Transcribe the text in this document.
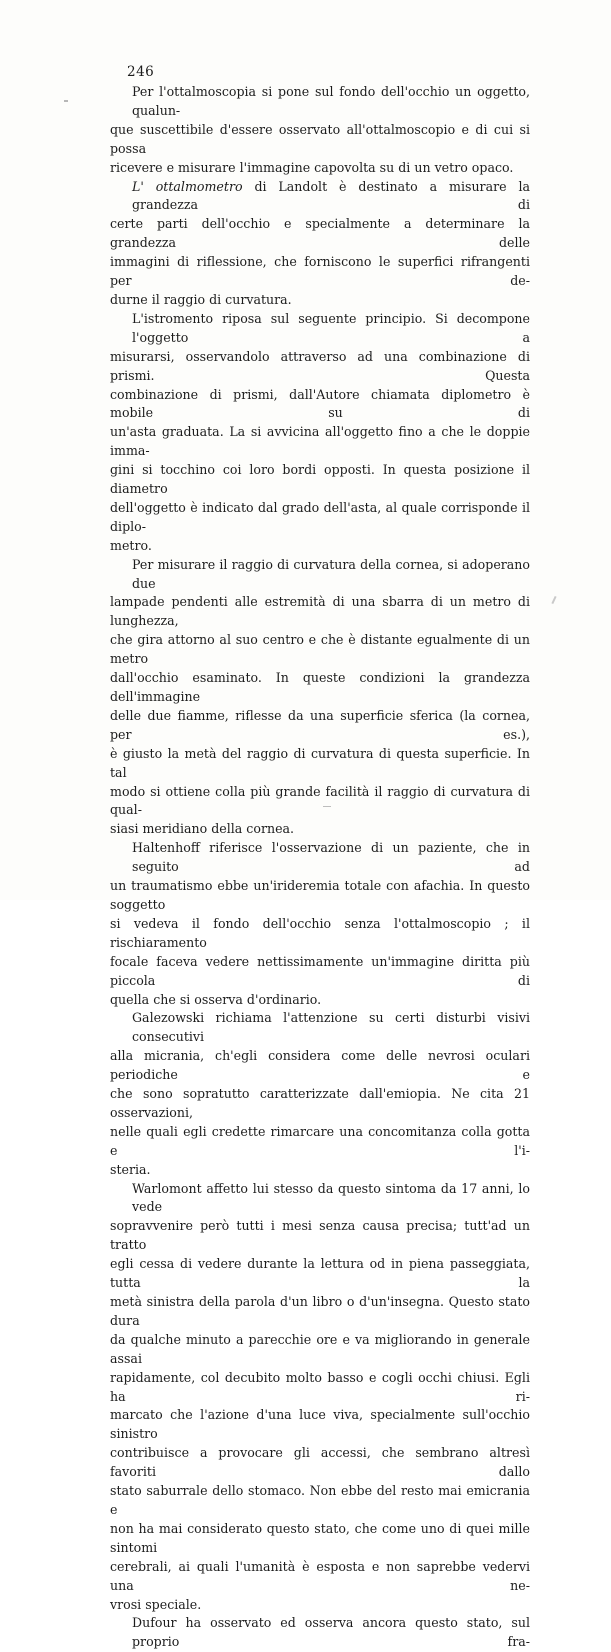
246
Per l'ottalmoscopia si pone sul fondo dell'occhio un oggetto, qualun-
que suscettibile d'essere osservato all'ottalmoscopio e di cui si possa
ricevere e misurare l'immagine capovolta su di un vetro opaco.
L' ottalmometro di Landolt è destinato a misurare la grandezza di
certe parti dell'occhio e specialmente a determinare la grandezza delle
immagini di riflessione, che forniscono le superfici rifrangenti per de-
durne il raggio di curvatura.
L'istromento riposa sul seguente principio. Si decompone l'oggetto a
misurarsi, osservandolo attraverso ad una combinazione di prismi. Questa
combinazione di prismi, dall'Autore chiamata diplometro è mobile su di
un'asta graduata. La si avvicina all'oggetto fino a che le doppie imma-
gini si tocchino coi loro bordi opposti. In questa posizione il diametro
dell'oggetto è indicato dal grado dell'asta, al quale corrisponde il diplo-
metro.
Per misurare il raggio di curvatura della cornea, si adoperano due
lampade pendenti alle estremità di una sbarra di un metro di lunghezza,
che gira attorno al suo centro e che è distante egualmente di un metro
dall'occhio esaminato. In queste condizioni la grandezza dell'immagine
delle due fiamme, riflesse da una superficie sferica (la cornea, per es.),
è giusto la metà del raggio di curvatura di questa superficie. In tal
modo si ottiene colla più grande facilità il raggio di curvatura di qual-
siasi meridiano della cornea.
Haltenhoff riferisce l'osservazione di un paziente, che in seguito ad
un traumatismo ebbe un'irideremia totale con afachia. In questo soggetto
si vedeva il fondo dell'occhio senza l'ottalmoscopio ; il rischiaramento
focale faceva vedere nettissimamente un'immagine diritta più piccola di
quella che si osserva d'ordinario.
Galezowski richiama l'attenzione su certi disturbi visivi consecutivi
alla micrania, ch'egli considera come delle nevrosi oculari periodiche e
che sono sopratutto caratterizzate dall'emiopia. Ne cita 21 osservazioni,
nelle quali egli credette rimarcare una concomitanza colla gotta e l'i-
steria.
Warlomont affetto lui stesso da questo sintoma da 17 anni, lo vede
sopravvenire però tutti i mesi senza causa precisa; tutt'ad un tratto
egli cessa di vedere durante la lettura od in piena passeggiata, tutta la
metà sinistra della parola d'un libro o d'un'insegna. Questo stato dura
da qualche minuto a parecchie ore e va migliorando in generale assai
rapidamente, col decubito molto basso e cogli occhi chiusi. Egli ha ri-
marcato che l'azione d'una luce viva, specialmente sull'occhio sinistro
contribuisce a provocare gli accessi, che sembrano altresì favoriti dallo
stato saburrale dello stomaco. Non ebbe del resto mai emicrania e
non ha mai considerato questo stato, che come uno di quei mille sintomi
cerebrali, ai quali l'umanità è esposta e non saprebbe vedervi una ne-
vrosi speciale.
Dufour ha osservato ed osserva ancora questo stato, sul proprio fra-
